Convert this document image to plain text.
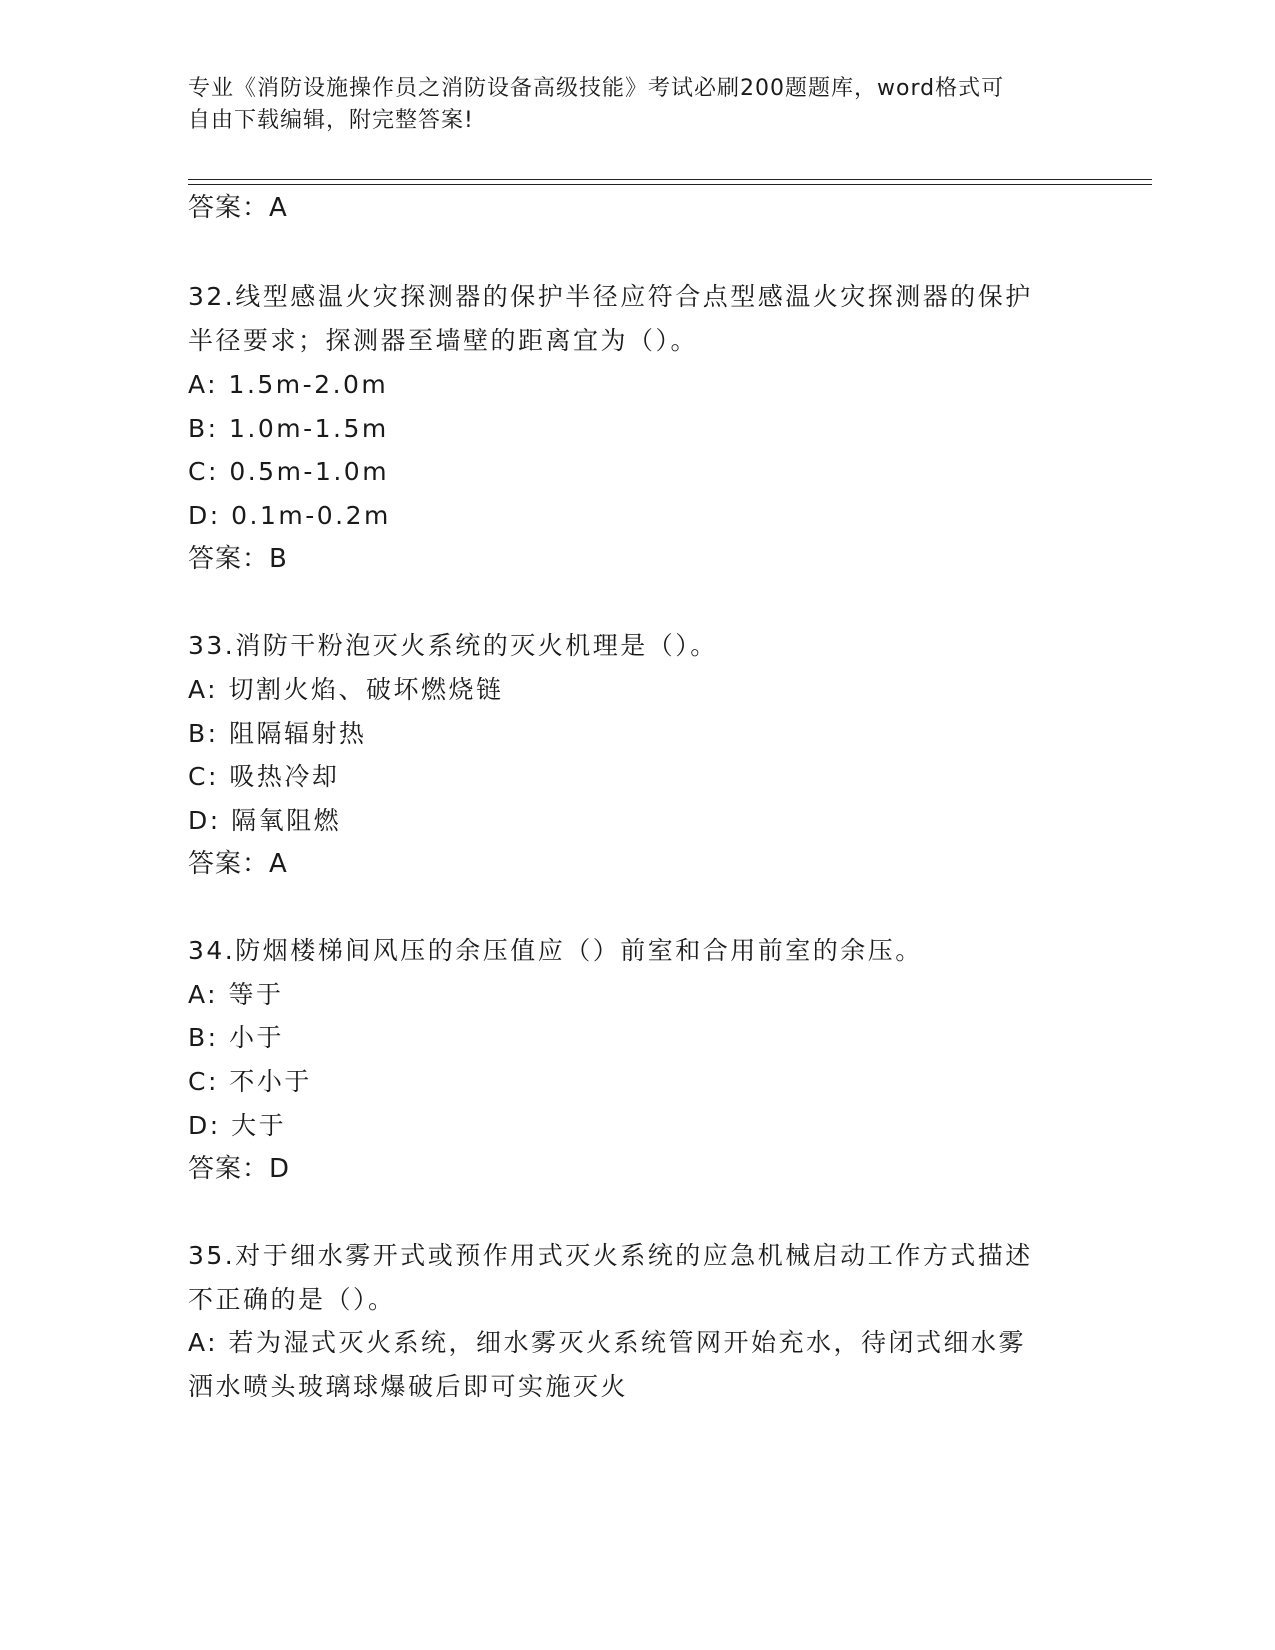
专业《消防设施操作员之消防设备高级技能》考试必刷200题题库，word格式可
自由下载编辑，附完整答案!
答案：A
32.线型感温火灾探测器的保护半径应符合点型感温火灾探测器的保护
半径要求；探测器至墙壁的距离宜为（）。
A: 1.5m-2.0m
B: 1.0m-1.5m
C: 0.5m-1.0m
D: 0.1m-0.2m
答案：B
33.消防干粉泡灭火系统的灭火机理是（）。
A: 切割火焰、破坏燃烧链
B: 阻隔辐射热
C: 吸热冷却
D: 隔氧阻燃
答案：A
34.防烟楼梯间风压的余压值应（）前室和合用前室的余压。
A: 等于
B: 小于
C: 不小于
D: 大于
答案：D
35.对于细水雾开式或预作用式灭火系统的应急机械启动工作方式描述
不正确的是（）。
A: 若为湿式灭火系统，细水雾灭火系统管网开始充水，待闭式细水雾
洒水喷头玻璃球爆破后即可实施灭火
